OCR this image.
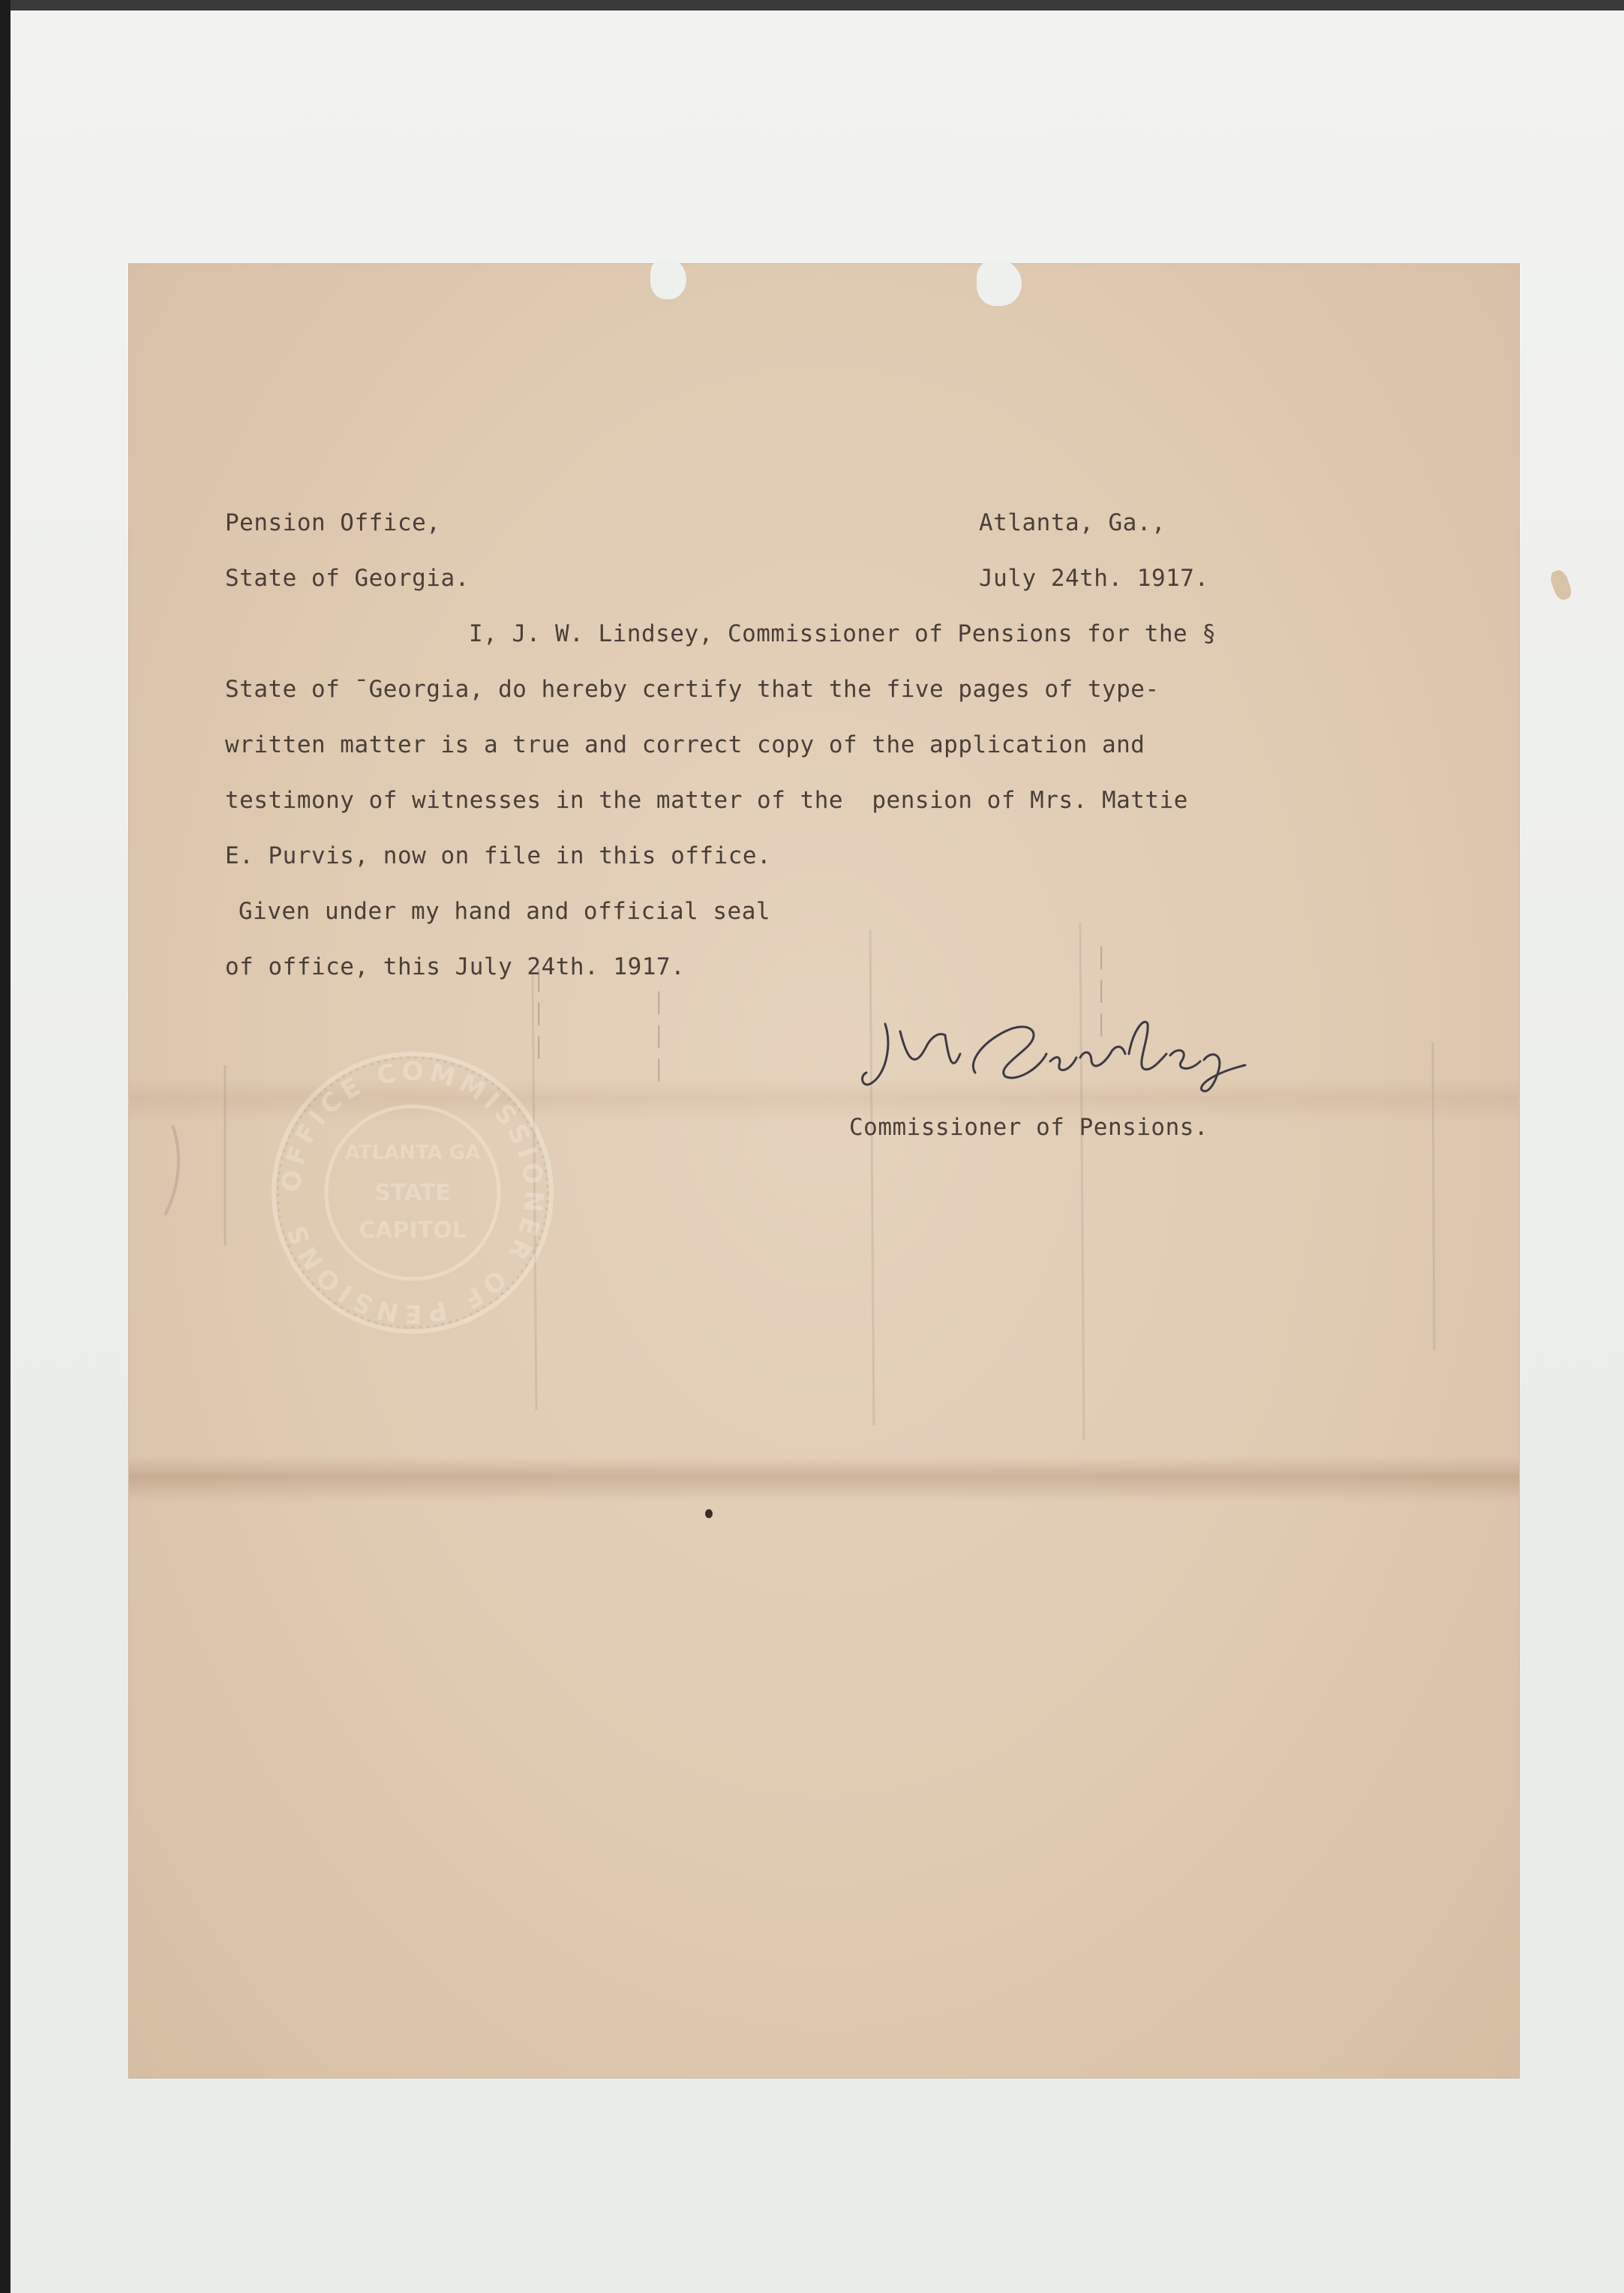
Pension Office,

State of Georgia.

Atlanta, Ga.,

July 24th. 1917.

I, J. W. Lindsey, Commissioner of Pensions for the §

State of ¯Georgia, do hereby certify that the five pages of type-

written matter is a true and correct copy of the application and

testimony of witnesses in the matter of the  pension of Mrs. Mattie

E. Purvis, now on file in this office.

Given under my hand and official seal

of office, this July 24th. 1917.

— — —	— — —	— — —
OFFICE COMMISSIONER OF PENSIONS
ATLANTA GA
STATE
CAPITOL
JW Lindsey

Commissioner of Pensions.
